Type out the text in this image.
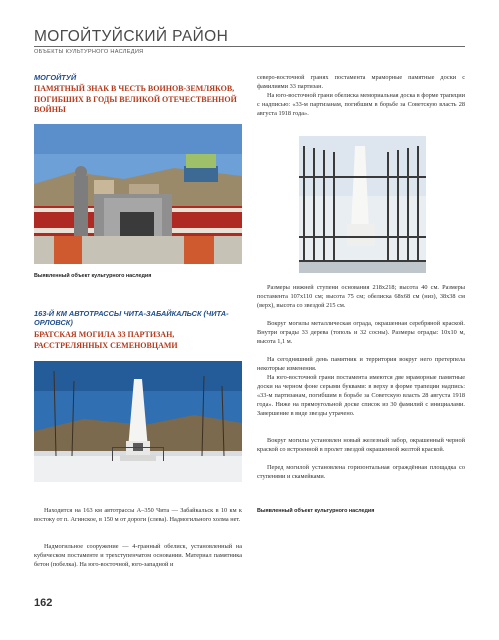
МОГОЙТУЙСКИЙ РАЙОН
ОБЪЕКТЫ КУЛЬТУРНОГО НАСЛЕДИЯ
МОГОЙТУЙ
ПАМЯТНЫЙ ЗНАК В ЧЕСТЬ ВОИНОВ-ЗЕМЛЯКОВ, ПОГИБШИХ В ГОДЫ ВЕЛИКОЙ ОТЕЧЕСТВЕННОЙ ВОЙНЫ
Выявленный объект культурного наследия
163-Й КМ АВТОТРАССЫ ЧИТА-ЗАБАЙКАЛЬСК (ЧИТА-ОРЛОВСК)
БРАТСКАЯ МОГИЛА 33 ПАРТИЗАН, РАССТРЕЛЯННЫХ СЕМЕНОВЦАМИ
Находится на 163 км автотрассы А–350 Чита — Забайкальск в 10 км к востоку от п. Агинское, в 150 м от дороги (слева). Надмогильного холма нет.
Надмогильное сооружение — 4-гранный обелиск, установленный на кубическом постаменте и трехступенчатом основании. Материал памятника бетон (побелка). На юго-восточной, юго-западной и
162
северо-восточной гранях постамента мраморные памятные доски с фамилиями 33 партизан.
На юго-восточной грани обелиска мемориальная доска в форме трапеции с надписью: «33-м партизанам, погибшим в борьбе за Советскую власть 28 августа 1918 года».
Размеры нижней ступени основания 218х218; высота 40 см. Размеры постамента 107х110 см; высота 75 см; обелиска 68х68 см (низ), 38х38 см (верх), высота со звездой 215 см.
Вокруг могилы металлическая ограда, окрашенная серебряной краской. Внутри ограды 33 дерева (тополь и 32 сосны). Размеры ограды: 10х10 м, высота 1,1 м.
На сегодняшний день памятник и территория вокруг него претерпела некоторые изменения.
На юго-восточной грани постамента имеются две мраморные памятные доски на черном фоне серыми буквами: в верху в форме трапеции надпись: «33-м партизанам, погибшим в борьбе за Советскую власть 28 августа 1918 года». Ниже на прямоугольной доске список из 30 фамилий с инициалами. Завершение в виде звезды утрачено.
Вокруг могилы установлен новый железный забор, окрашенный черной краской со встроенной в пролет звездой окрашенной желтой краской.
Перед могилой установлена горизонтальная ограждённая площадка со ступенями и скамейками.
Выявленный объект культурного наследия
